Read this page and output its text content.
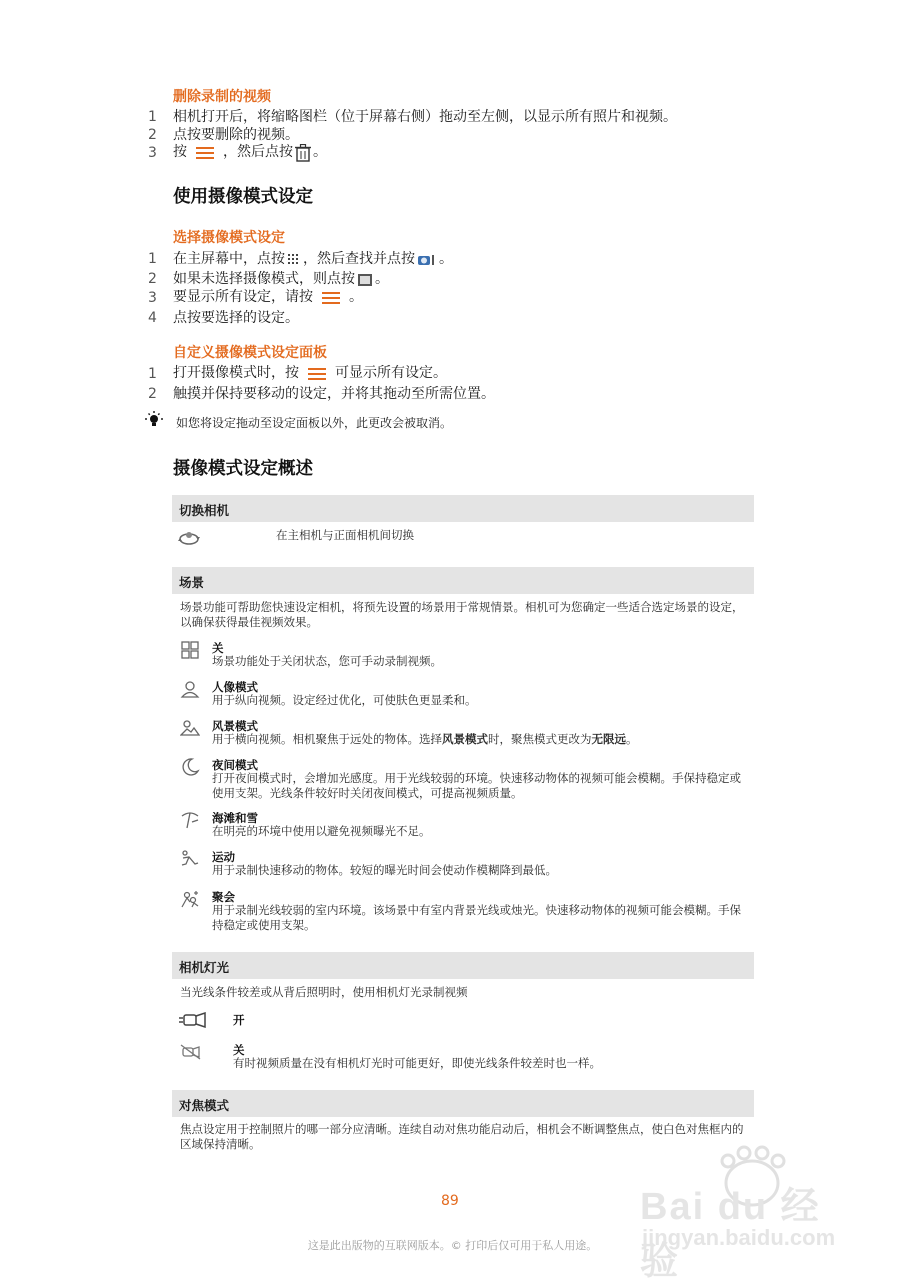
删除录制的视频
1 相机打开后，将缩略图栏（位于屏幕右侧）拖动至左侧，以显示所有照片和视频。
2 点按要删除的视频。
3 按	，然后点按 。
使用摄像模式设定
选择摄像模式设定
1 在主屏幕中，点按 ，然后查找并点按 。
2 如果未选择摄像模式，则点按 。
3 要显示所有设定，请按	。
4 点按要选择的设定。
自定义摄像模式设定面板
1 打开摄像模式时，按	可显示所有设定。
2 触摸并保持要移动的设定，并将其拖动至所需位置。
如您将设定拖动至设定面板以外，此更改会被取消。
摄像模式设定概述
切换相机
在主相机与正面相机间切换
场景
场景功能可帮助您快速设定相机，将预先设置的场景用于常规情景。相机可为您确定一些适合选定场景的设定，以确保获得最佳视频效果。
关
场景功能处于关闭状态，您可手动录制视频。
人像模式
用于纵向视频。设定经过优化，可使肤色更显柔和。
风景模式
用于横向视频。相机聚焦于远处的物体。选择风景模式时，聚焦模式更改为无限远。
夜间模式
打开夜间模式时，会增加光感度。用于光线较弱的环境。快速移动物体的视频可能会模糊。手保持稳定或使用支架。光线条件较好时关闭夜间模式，可提高视频质量。
海滩和雪
在明亮的环境中使用以避免视频曝光不足。
运动
用于录制快速移动的物体。较短的曝光时间会使动作模糊降到最低。
聚会
用于录制光线较弱的室内环境。该场景中有室内背景光线或烛光。快速移动物体的视频可能会模糊。手保持稳定或使用支架。
相机灯光
当光线条件较差或从背后照明时，使用相机灯光录制视频
开
关
有时视频质量在没有相机灯光时可能更好，即使光线条件较差时也一样。
对焦模式
焦点设定用于控制照片的哪一部分应清晰。连续自动对焦功能启动后，相机会不断调整焦点，使白色对焦框内的区域保持清晰。
89
这是此出版物的互联网版本。© 打印后仅可用于私人用途。
Bai du 经验
jingyan.baidu.com
